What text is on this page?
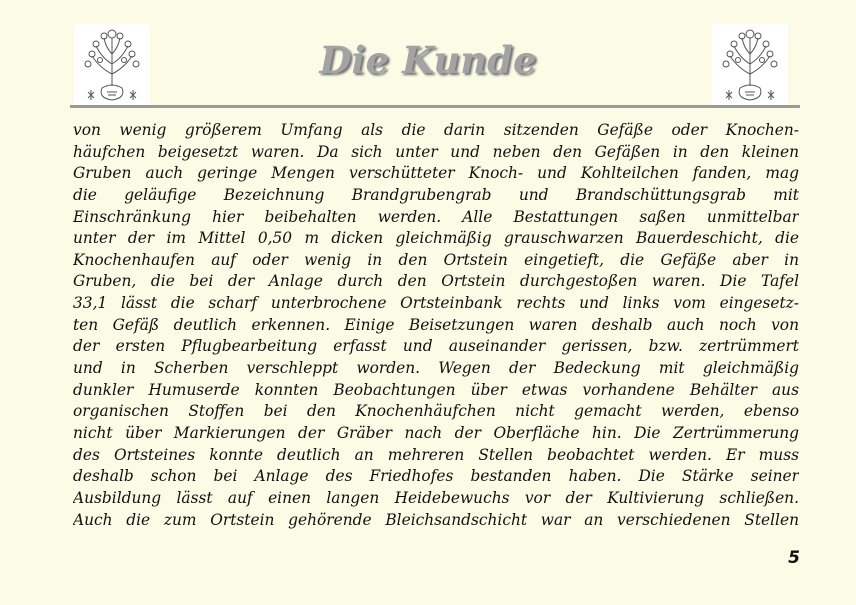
Die Kunde
von wenig größerem Umfang als die darin sitzenden Gefäße oder Knochen-
häufchen beigesetzt waren. Da sich unter und neben den Gefäßen in den kleinen
Gruben auch geringe Mengen verschütteter Knoch- und Kohlteilchen fanden, mag
die geläufige Bezeichnung Brandgrubengrab und Brandschüttungsgrab mit
Einschränkung hier beibehalten werden. Alle Bestattungen saßen unmittelbar
unter der im Mittel 0,50 m dicken gleichmäßig grauschwarzen Bauerdeschicht, die
Knochenhaufen auf oder wenig in den Ortstein eingetieft, die Gefäße aber in
Gruben, die bei der Anlage durch den Ortstein durchgestoßen waren. Die Tafel
33,1 lässt die scharf unterbrochene Ortsteinbank rechts und links vom eingesetz-
ten Gefäß deutlich erkennen. Einige Beisetzungen waren deshalb auch noch von
der ersten Pflugbearbeitung erfasst und auseinander gerissen, bzw. zertrümmert
und in Scherben verschleppt worden. Wegen der Bedeckung mit gleichmäßig
dunkler Humuserde konnten Beobachtungen über etwas vorhandene Behälter aus
organischen Stoffen bei den Knochenhäufchen nicht gemacht werden, ebenso
nicht über Markierungen der Gräber nach der Oberfläche hin. Die Zertrümmerung
des Ortsteines konnte deutlich an mehreren Stellen beobachtet werden. Er muss
deshalb schon bei Anlage des Friedhofes bestanden haben. Die Stärke seiner
Ausbildung lässt auf einen langen Heidebewuchs vor der Kultivierung schließen.
Auch die zum Ortstein gehörende Bleichsandschicht war an verschiedenen Stellen
5
